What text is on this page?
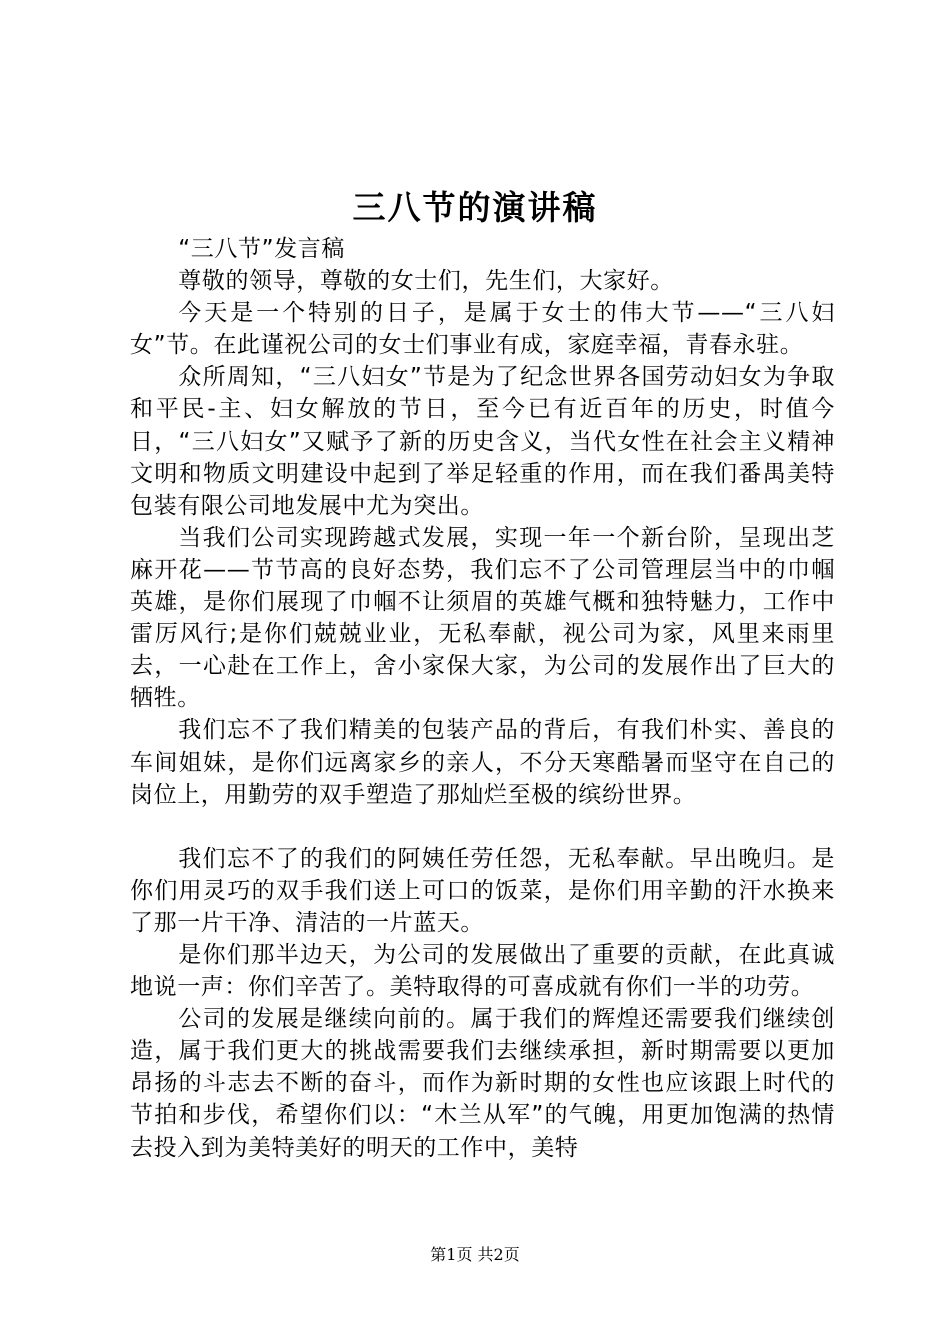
三八节的演讲稿

“三八节”发言稿

尊敬的领导，尊敬的女士们，先生们，大家好。

今天是一个特别的日子，是属于女士的伟大节——“三八妇女”节。在此谨祝公司的女士们事业有成，家庭幸福，青春永驻。

众所周知，“三八妇女”节是为了纪念世界各国劳动妇女为争取和平民-主、妇女解放的节日，至今已有近百年的历史，时值今日，“三八妇女”又赋予了新的历史含义，当代女性在社会主义精神文明和物质文明建设中起到了举足轻重的作用，而在我们番禺美特包装有限公司地发展中尤为突出。

当我们公司实现跨越式发展，实现一年一个新台阶，呈现出芝麻开花——节节高的良好态势，我们忘不了公司管理层当中的巾帼英雄，是你们展现了巾帼不让须眉的英雄气概和独特魅力，工作中雷厉风行;是你们兢兢业业，无私奉献，视公司为家，风里来雨里去，一心赴在工作上，舍小家保大家，为公司的发展作出了巨大的牺牲。

我们忘不了我们精美的包装产品的背后，有我们朴实、善良的车间姐妹，是你们远离家乡的亲人，不分天寒酷暑而坚守在自己的岗位上，用勤劳的双手塑造了那灿烂至极的缤纷世界。

我们忘不了的我们的阿姨任劳任怨，无私奉献。早出晚归。是你们用灵巧的双手我们送上可口的饭菜，是你们用辛勤的汗水换来了那一片干净、清洁的一片蓝天。

是你们那半边天，为公司的发展做出了重要的贡献，在此真诚地说一声：你们辛苦了。美特取得的可喜成就有你们一半的功劳。

公司的发展是继续向前的。属于我们的辉煌还需要我们继续创造，属于我们更大的挑战需要我们去继续承担，新时期需要以更加昂扬的斗志去不断的奋斗，而作为新时期的女性也应该跟上时代的节拍和步伐，希望你们以：“木兰从军”的气魄，用更加饱满的热情去投入到为美特美好的明天的工作中，美特

第1页 共2页
